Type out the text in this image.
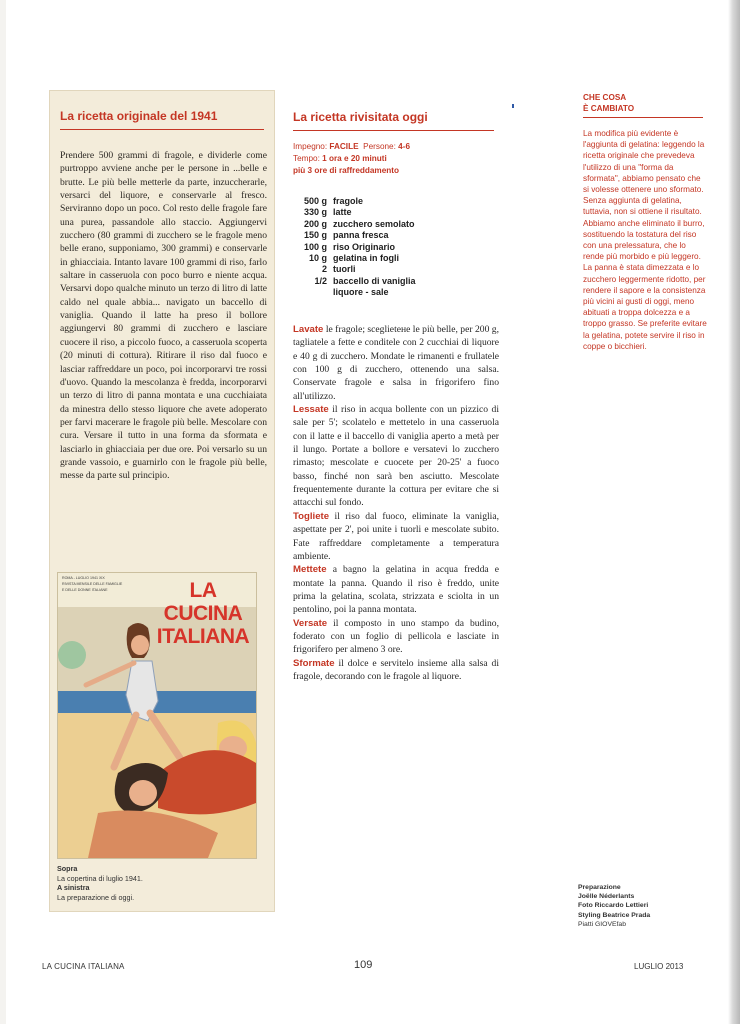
La ricetta originale del 1941

Prendere 500 grammi di fragole, e dividerle come purtroppo avviene anche per le persone in ...belle e brutte. Le più belle metterle da parte, inzuccherarle, versarci del liquore, e conservarle al fresco. Serviranno dopo un poco. Col resto delle fragole fare una purea, passandole allo staccio. Aggiungervi zucchero (80 grammi di zucchero se le fragole meno belle erano, supponiamo, 300 grammi) e conservarle in ghiacciaia. Intanto lavare 100 grammi di riso, farlo saltare in casseruola con poco burro e niente acqua. Versarvi dopo qualche minuto un terzo di litro di latte caldo nel quale abbia... navigato un baccello di vaniglia. Quando il latte ha preso il bollore aggiungervi 80 grammi di zucchero e lasciare cuocere il riso, a piccolo fuoco, a casseruola scoperta (20 minuti di cottura). Ritirare il riso dal fuoco e lasciar raffreddare un poco, poi incorporarvi tre rossi d'uovo. Quando la mescolanza è fredda, incorporarvi un terzo di litro di panna montata e una cucchiaiata da minestra dello stesso liquore che avete adoperato per farvi macerare le fragole più belle. Mescolare con cura. Versare il tutto in una forma da sformata e lasciarlo in ghiacciaia per due ore. Poi versarlo su un grande vassoio, e guarnirlo con le fragole più belle, messe da parte sul principio.

ROMA - LUGLIO 1941 XIX
RIVISTA MENSILE DELLE FAMIGLIE
E DELLE DONNE ITALIANE	LA CUCINA
ITALIANA
Sopra
La copertina di luglio 1941.
A sinistra
La preparazione di oggi.
La ricetta rivisitata oggi
Impegno: FACILE Persone: 4-6
Tempo: 1 ora e 20 minuti
più 3 ore di raffreddamento
500 g fragole
330 g latte
200 g zucchero semolato
150 g panna fresca
100 g riso Originario
10 g gelatina in fogli
2 tuorli
1/2 baccello di vaniglia
liquore - sale

Lavate le fragole; sceglieteне le più belle, per 200 g, tagliatele a fette e conditele con 2 cucchiai di liquore e 40 g di zucchero. Mondate le rimanenti e frullatele con 100 g di zucchero, ottenendo una salsa. Conservate fragole e salsa in frigorifero fino all'utilizzo.
Lessate il riso in acqua bollente con un pizzico di sale per 5'; scolatelo e mettetelo in una casseruola con il latte e il baccello di vaniglia aperto a metà per il lungo. Portate a bollore e versatevi lo zucchero rimasto; mescolate e cuocete per 20-25' a fuoco basso, finché non sarà ben asciutto. Mescolate frequentemente durante la cottura per evitare che si attacchi sul fondo.
Togliete il riso dal fuoco, eliminate la vaniglia, aspettate per 2', poi unite i tuorli e mescolate subito. Fate raffreddare completamente a temperatura ambiente.
Mettete a bagno la gelatina in acqua fredda e montate la panna. Quando il riso è freddo, unite prima la gelatina, scolata, strizzata e sciolta in un pentolino, poi la panna montata.
Versate il composto in uno stampo da budino, foderato con un foglio di pellicola e lasciate in frigorifero per almeno 3 ore.
Sformate il dolce e servitelo insieme alla salsa di fragole, decorando con le fragole al liquore.

CHE COSA
È CAMBIATO

La modifica più evidente è l'aggiunta di gelatina: leggendo la ricetta originale che prevedeva l'utilizzo di una "forma da sformata", abbiamo pensato che si volesse ottenere uno sformato. Senza aggiunta di gelatina, tuttavia, non si ottiene il risultato. Abbiamo anche eliminato il burro, sostituendo la tostatura del riso con una prelessatura, che lo rende più morbido e più leggero. La panna è stata dimezzata e lo zucchero leggermente ridotto, per rendere il sapore e la consistenza più vicini ai gusti di oggi, meno abituati a troppa dolcezza e a troppo grasso. Se preferite evitare la gelatina, potete servire il riso in coppe o bicchieri.

Preparazione
Joëlle Néderlants
Foto Riccardo Lettieri
Styling Beatrice Prada
Piatti GIOVEfab
LA CUCINA ITALIANA	109	LUGLIO 2013
